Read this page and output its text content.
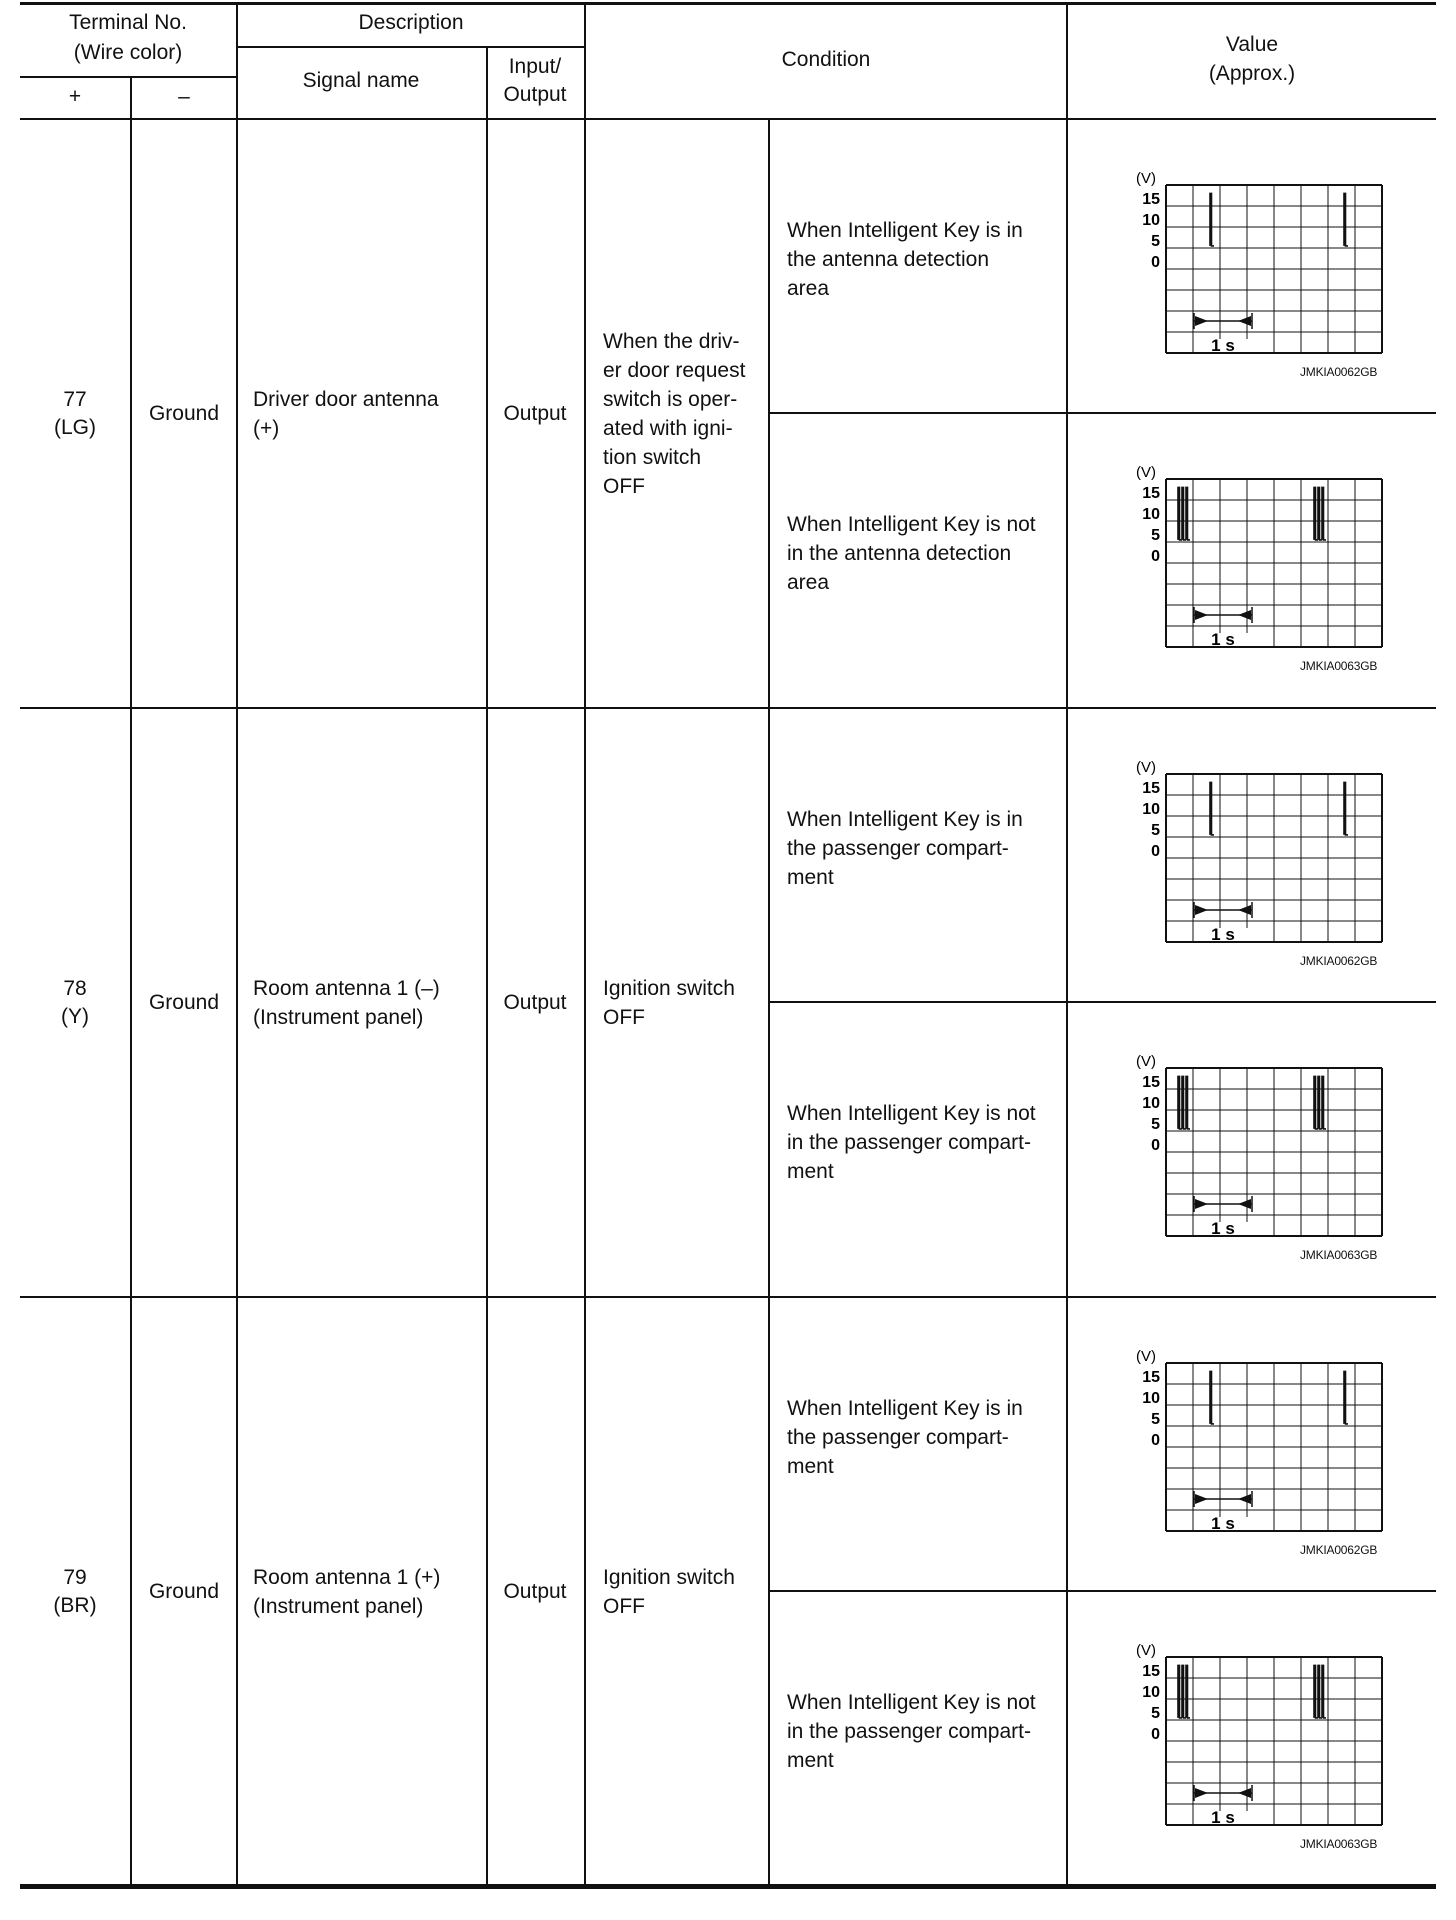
Terminal No.
(Wire color)
+	–
Description
Signal name
Input/
Output
Condition
Value
(Approx.)
77
(LG)
Ground
Driver door antenna
(+)
Output
When the driv-
er door request
switch is oper-
ated with igni-
tion switch
OFF
When Intelligent Key is in
the antenna detection
area
(V)
15
10
5
0
1 s
JMKIA0062GB
When Intelligent Key is not
in the antenna detection
area
(V)
15
10
5
0
1 s
JMKIA0063GB
78
(Y)
Ground
Room antenna 1 (–)
(Instrument panel)
Output
Ignition switch
OFF
When Intelligent Key is in
the passenger compart-
ment
(V)
15
10
5
0
1 s
JMKIA0062GB
When Intelligent Key is not
in the passenger compart-
ment
(V)
15
10
5
0
1 s
JMKIA0063GB
79
(BR)
Ground
Room antenna 1 (+)
(Instrument panel)
Output
Ignition switch
OFF
When Intelligent Key is in
the passenger compart-
ment
(V)
15
10
5
0
1 s
JMKIA0062GB
When Intelligent Key is not
in the passenger compart-
ment
(V)
15
10
5
0
1 s
JMKIA0063GB
